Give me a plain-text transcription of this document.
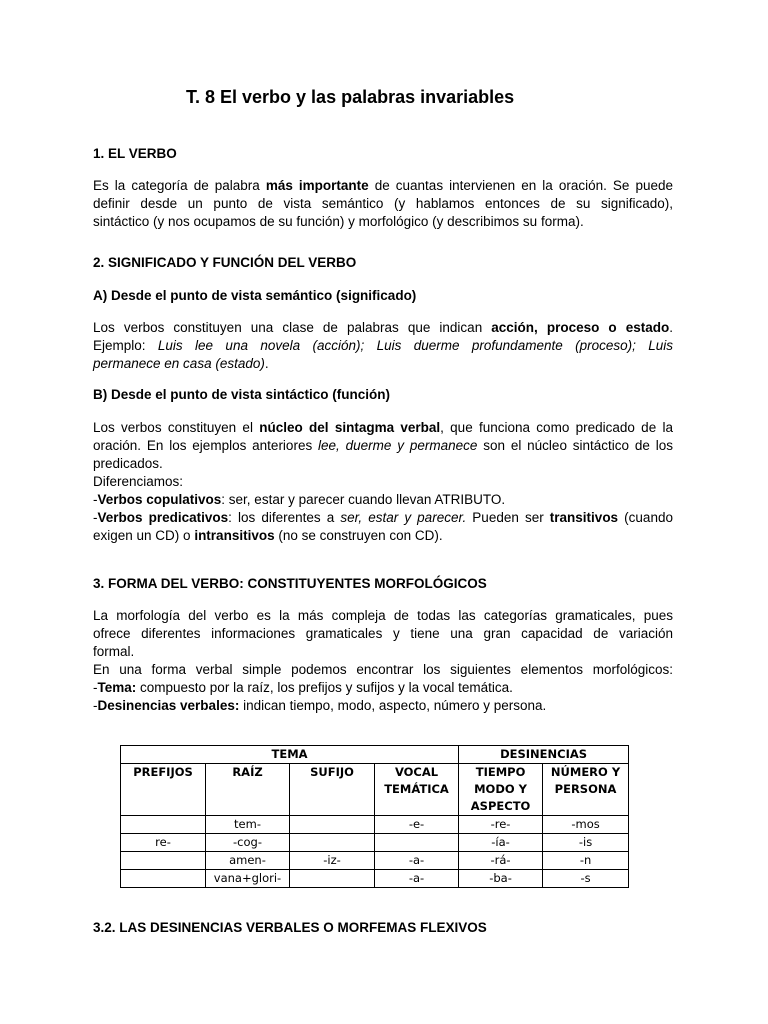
T. 8 El verbo y las palabras invariables
1. EL VERBO
Es la categoría de palabra más importante de cuantas intervienen en la oración. Se puede
definir desde un punto de vista semántico (y hablamos entonces de su significado),
sintáctico (y nos ocupamos de su función) y morfológico (y describimos su forma).
2. SIGNIFICADO Y FUNCIÓN DEL VERBO
A) Desde el punto de vista semántico (significado)
Los verbos constituyen una clase de palabras que indican acción, proceso o estado.
Ejemplo: Luis lee una novela (acción); Luis duerme profundamente (proceso); Luis
permanece en casa (estado).
B) Desde el punto de vista sintáctico (función)
Los verbos constituyen el núcleo del sintagma verbal, que funciona como predicado de la
oración. En los ejemplos anteriores lee, duerme y permanece son el núcleo sintáctico de los
predicados.
Diferenciamos:
-Verbos copulativos: ser, estar y parecer cuando llevan ATRIBUTO.
-Verbos predicativos: los diferentes a ser, estar y parecer. Pueden ser transitivos (cuando
exigen un CD) o intransitivos (no se construyen con CD).
3. FORMA DEL VERBO: CONSTITUYENTES MORFOLÓGICOS
La morfología del verbo es la más compleja de todas las categorías gramaticales, pues
ofrece diferentes informaciones gramaticales y tiene una gran capacidad de variación
formal.
En una forma verbal simple podemos encontrar los siguientes elementos morfológicos:
-Tema: compuesto por la raíz, los prefijos y sufijos y la vocal temática.
-Desinencias verbales: indican tiempo, modo, aspecto, número y persona.
TEMA				DESINENCIAS	
PREFIJOS	RAÍZ	SUFIJO	VOCAL TEMÁTICA	TIEMPO MODO Y ASPECTO	NÚMERO Y PERSONA
	tem-		-e-	-re-	-mos
re-	-cog-			-ía-	-is
	amen-	-iz-	-a-	-rá-	-n
	vana+glori-		-a-	-ba-	-s
3.2. LAS DESINENCIAS VERBALES O MORFEMAS FLEXIVOS
